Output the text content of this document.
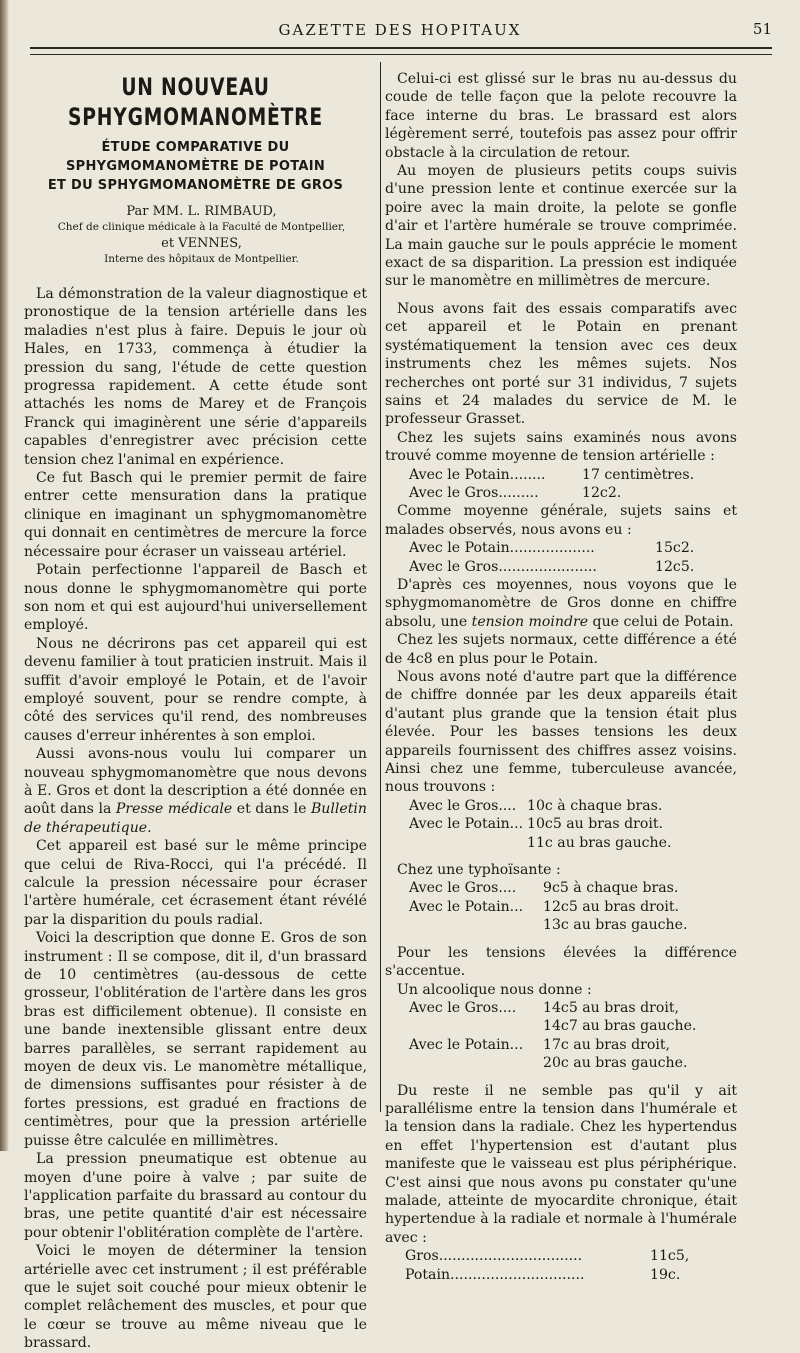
GAZETTE DES HOPITAUX	51
UN NOUVEAU SPHYGMOMANOMÈTRE
ÉTUDE COMPARATIVE DU SPHYGMOMANOMÈTRE DE POTAIN
ET DU SPHYGMOMANOMÈTRE DE GROS

Par MM. L. RIMBAUD,

Chef de clinique médicale à la Faculté de Montpellier,

et VENNES,

Interne des hôpitaux de Montpellier.

La démonstration de la valeur diagnostique et pronostique de la tension artérielle dans les maladies n'est plus à faire. Depuis le jour où Hales, en 1733, commença à étudier la pression du sang, l'étude de cette question progressa rapidement. A cette étude sont attachés les noms de Marey et de François Franck qui imaginèrent une série d'appareils capables d'enregistrer avec précision cette tension chez l'animal en expérience.

Ce fut Basch qui le premier permit de faire entrer cette mensuration dans la pratique clinique en imaginant un sphygmomanomètre qui donnait en centimètres de mercure la force nécessaire pour écraser un vaisseau artériel.

Potain perfectionne l'appareil de Basch et nous donne le sphygmomanomètre qui porte son nom et qui est aujourd'hui universellement employé.

Nous ne décrirons pas cet appareil qui est devenu familier à tout praticien instruit. Mais il suffit d'avoir employé le Potain, et de l'avoir employé souvent, pour se rendre compte, à côté des services qu'il rend, des nombreuses causes d'erreur inhérentes à son emploi.

Aussi avons-nous voulu lui comparer un nouveau sphygmomanomètre que nous devons à E. Gros et dont la description a été donnée en août dans la Presse médicale et dans le Bulletin de thérapeutique.

Cet appareil est basé sur le même principe que celui de Riva-Rocci, qui l'a précédé. Il calcule la pression nécessaire pour écraser l'artère humérale, cet écrasement étant révélé par la disparition du pouls radial.

Voici la description que donne E. Gros de son instrument : Il se compose, dit il, d'un brassard de 10 centimètres (au-dessous de cette grosseur, l'oblitération de l'artère dans les gros bras est difficilement obtenue). Il consiste en une bande inextensible glissant entre deux barres parallèles, se serrant rapidement au moyen de deux vis. Le manomètre métallique, de dimensions suffisantes pour résister à de fortes pressions, est gradué en fractions de centimètres, pour que la pression artérielle puisse être calculée en millimètres.

La pression pneumatique est obtenue au moyen d'une poire à valve ; par suite de l'application parfaite du brassard au contour du bras, une petite quantité d'air est nécessaire pour obtenir l'oblitération complète de l'artère.

Voici le moyen de déterminer la tension artérielle avec cet instrument ; il est préférable que le sujet soit couché pour mieux obtenir le complet relâchement des muscles, et pour que le cœur se trouve au même niveau que le brassard.

Celui-ci est glissé sur le bras nu au-dessus du coude de telle façon que la pelote recouvre la face interne du bras. Le brassard est alors légèrement serré, toutefois pas assez pour offrir obstacle à la circulation de retour.

Au moyen de plusieurs petits coups suivis d'une pression lente et continue exercée sur la poire avec la main droite, la pelote se gonfle d'air et l'artère humérale se trouve comprimée. La main gauche sur le pouls apprécie le moment exact de sa disparition. La pression est indiquée sur le manomètre en millimètres de mercure.

Nous avons fait des essais comparatifs avec cet appareil et le Potain en prenant systématiquement la tension avec ces deux instruments chez les mêmes sujets. Nos recherches ont porté sur 31 individus, 7 sujets sains et 24 malades du service de M. le professeur Grasset.

Chez les sujets sains examinés nous avons trouvé comme moyenne de tension artérielle :

Avec le Potain........	17 centimètres.
Avec le Gros.........	12c2.

Comme moyenne générale, sujets sains et malades observés, nous avons eu :

Avec le Potain...................	15c2.
Avec le Gros......................	12c5.

D'après ces moyennes, nous voyons que le sphygmomanomètre de Gros donne en chiffre absolu, une tension moindre que celui de Potain.

Chez les sujets normaux, cette différence a été de 4c8 en plus pour le Potain.

Nous avons noté d'autre part que la différence de chiffre donnée par les deux appareils était d'autant plus grande que la tension était plus élevée. Pour les basses tensions les deux appareils fournissent des chiffres assez voisins. Ainsi chez une femme, tuberculeuse avancée, nous trouvons :

Avec le Gros.... 10c à chaque bras.
Avec le Potain... 10c5 au bras droit.
11c au bras gauche.

Chez une typhoïsante :

Avec le Gros....	9c5 à chaque bras.
Avec le Potain...	12c5 au bras droit.
13c au bras gauche.

Pour les tensions élevées la différence s'accentue.

Un alcoolique nous donne :

Avec le Gros....	14c5 au bras droit,
14c7 au bras gauche.
Avec le Potain...	17c au bras droit,
20c au bras gauche.

Du reste il ne semble pas qu'il y ait parallélisme entre la tension dans l'humérale et la tension dans la radiale. Chez les hypertendus en effet l'hypertension est d'autant plus manifeste que le vaisseau est plus périphérique. C'est ainsi que nous avons pu constater qu'une malade, atteinte de myocardite chronique, était hypertendue à la radiale et normale à l'humérale avec :

Gros................................	11c5,
Potain..............................	19c.
